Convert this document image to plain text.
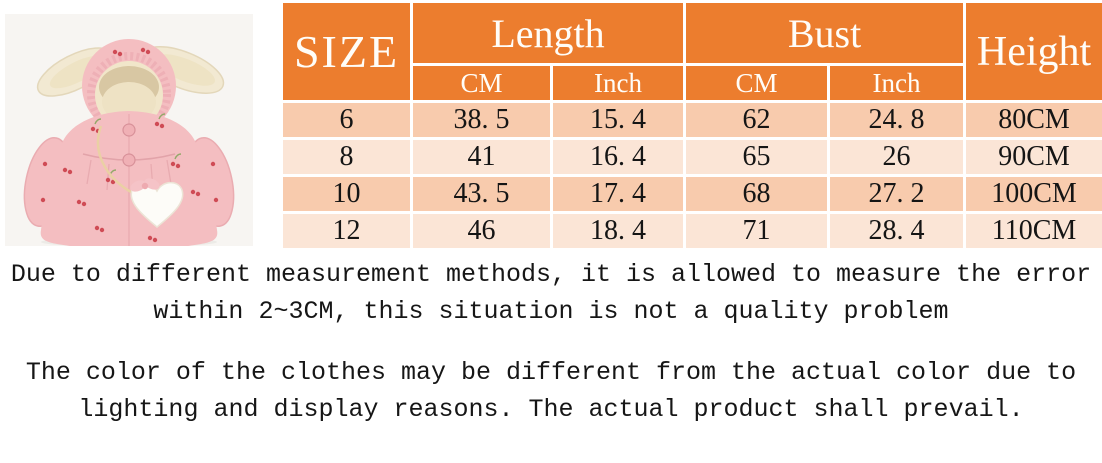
SIZE	Length		Bust		Height
	CM	Inch	CM	Inch	
6	38. 5	15. 4	62	24. 8	80CM
8	41	16. 4	65	26	90CM
10	43. 5	17. 4	68	27. 2	100CM
12	46	18. 4	71	28. 4	110CM
Due to different measurement methods, it is allowed to measure the error
within 2~3CM, this situation is not a quality problem
The color of the clothes may be different from the actual color due to
lighting and display reasons. The actual product shall prevail.
